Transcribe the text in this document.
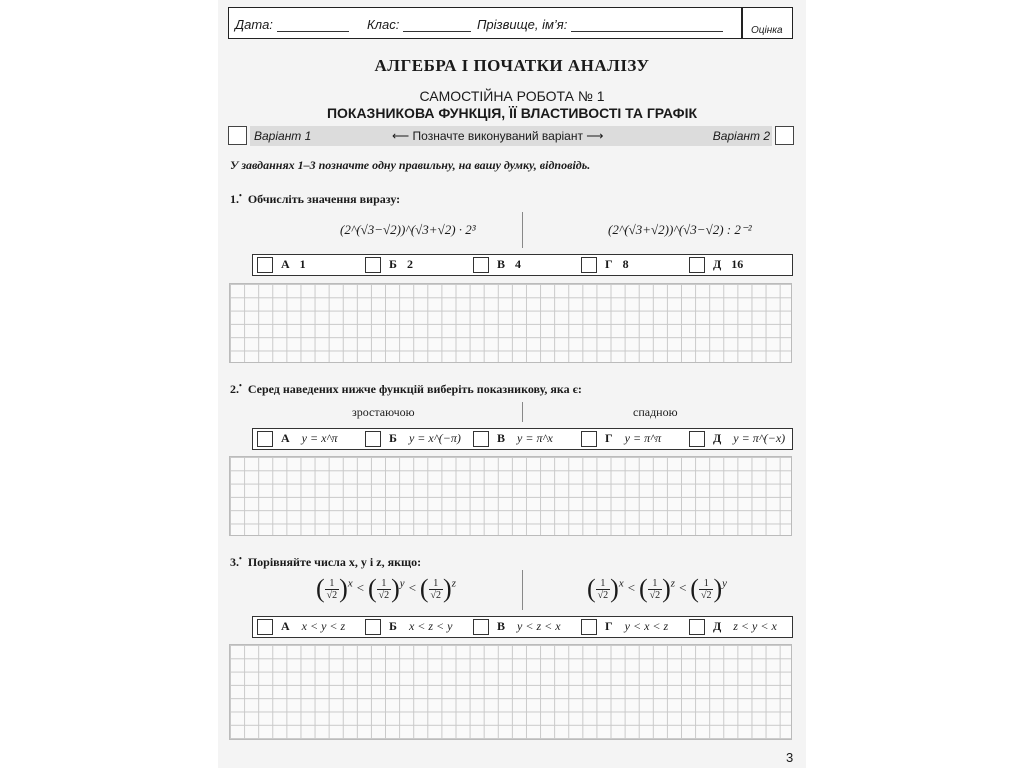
Дата:	Клас:	Прізвище, ім’я:	Оцінка
АЛГЕБРА І ПОЧАТКИ АНАЛІЗУ
САМОСТІЙНА РОБОТА № 1
ПОКАЗНИКОВА ФУНКЦІЯ, ЇЇ ВЛАСТИВОСТІ ТА ГРАФІК
Варіант 1	⟵ Позначте виконуваний варіант ⟶	Варіант 2
У завданнях 1–3 позначте одну правильну, на вашу думку, відповідь.
1.• Обчисліть значення виразу:
(2^(√3−√2))^(√3+√2) · 2³	(2^(√3+√2))^(√3−√2) : 2⁻²
А 1	Б 2	В 4	Г 8	Д 16
2.• Серед наведених нижче функцій виберіть показникову, яка є:
зростаючою	спадною
А y = x^π	Б y = x^(−π)	В y = π^x	Г y = π^π	Д y = π^(−x)
3.• Порівняйте числа x, y і z, якщо:
( $\frac{1}{√2} )^x$ < ( $\frac{1}{√2} )^y$ < ( $\frac{1}{√2} )^z$	( $\frac{1}{√2} )^x$ < ( $\frac{1}{√2} )^z$ < ( $\frac{1}{√2} )^y$
А x < y < z	Б x < z < y	В y < z < x	Г y < x < z	Д z < y < x
3
